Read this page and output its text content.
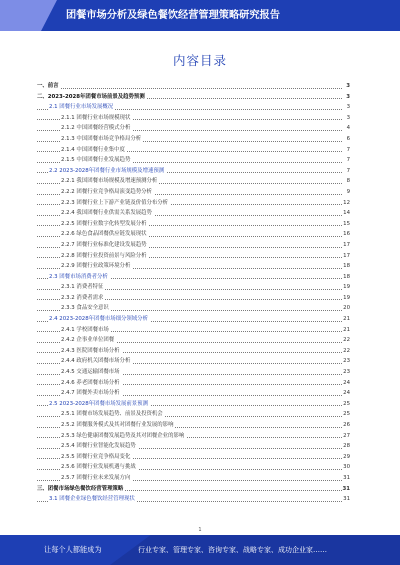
团餐市场分析及绿色餐饮经营管理策略研究报告
内容目录
一、前言	3
二、2023-2028年团餐市场前景及趋势预测	3
2.1 团餐行业市场发展概况	3
2.1.1 团餐行业市场规模现状	3
2.1.2 中国团餐经营模式分析	4
2.1.3 中国团餐市场竞争格局分析	6
2.1.4 中国团餐行业集中度	7
2.1.5 中国团餐行业发展趋势	7
2.2 2023-2028年团餐行业市场规模及增速预测	7
2.2.1 我国团餐市场规模及增速预测分析	8
2.2.2 团餐行业竞争格局演变趋势分析	9
2.2.3 团餐行业上下游产业链及价值分布分析	12
2.2.4 我国团餐行业供需关系发展趋势	14
2.2.5 团餐行业数字化转型发展分析	15
2.2.6 绿色食品团餐供应链发展现状	16
2.2.7 团餐行业标准化建设发展趋势	17
2.2.8 团餐行业投资前景与风险分析	17
2.2.9 团餐行业政策环境分析	18
2.3 团餐市场消费者分析	18
2.3.1 消费者特征	19
2.3.2 消费者需求	19
2.3.3 食品安全意识	20
2.4 2023-2028年团餐市场细分领域分析	21
2.4.1 学校团餐市场	21
2.4.2 企事业单位团餐	22
2.4.3 医院团餐市场分析	22
2.4.4 政府机关团餐市场分析	23
2.4.5 交通运输团餐市场	23
2.4.6 养老团餐市场分析	24
2.4.7 团餐外卖市场分析	24
2.5 2023-2028年团餐市场发展前景预测	25
2.5.1 团餐市场发展趋势、前景及投资机会	25
2.5.2 团餐服务模式及其对团餐行业发展的影响	26
2.5.3 绿色健康团餐发展趋势及其对团餐企业的影响	27
2.5.4 团餐行业智能化发展趋势	28
2.5.5 团餐行业竞争格局变化	29
2.5.6 团餐行业发展机遇与挑战	30
2.5.7 团餐行业未来发展方向	31
三、团餐市场绿色餐饮经营管理策略	31
3.1 团餐企业绿色餐饮经营管理现状	31
1
让每个人都能成为	行业专家、管理专家、咨询专家、战略专家、成功企业家……
